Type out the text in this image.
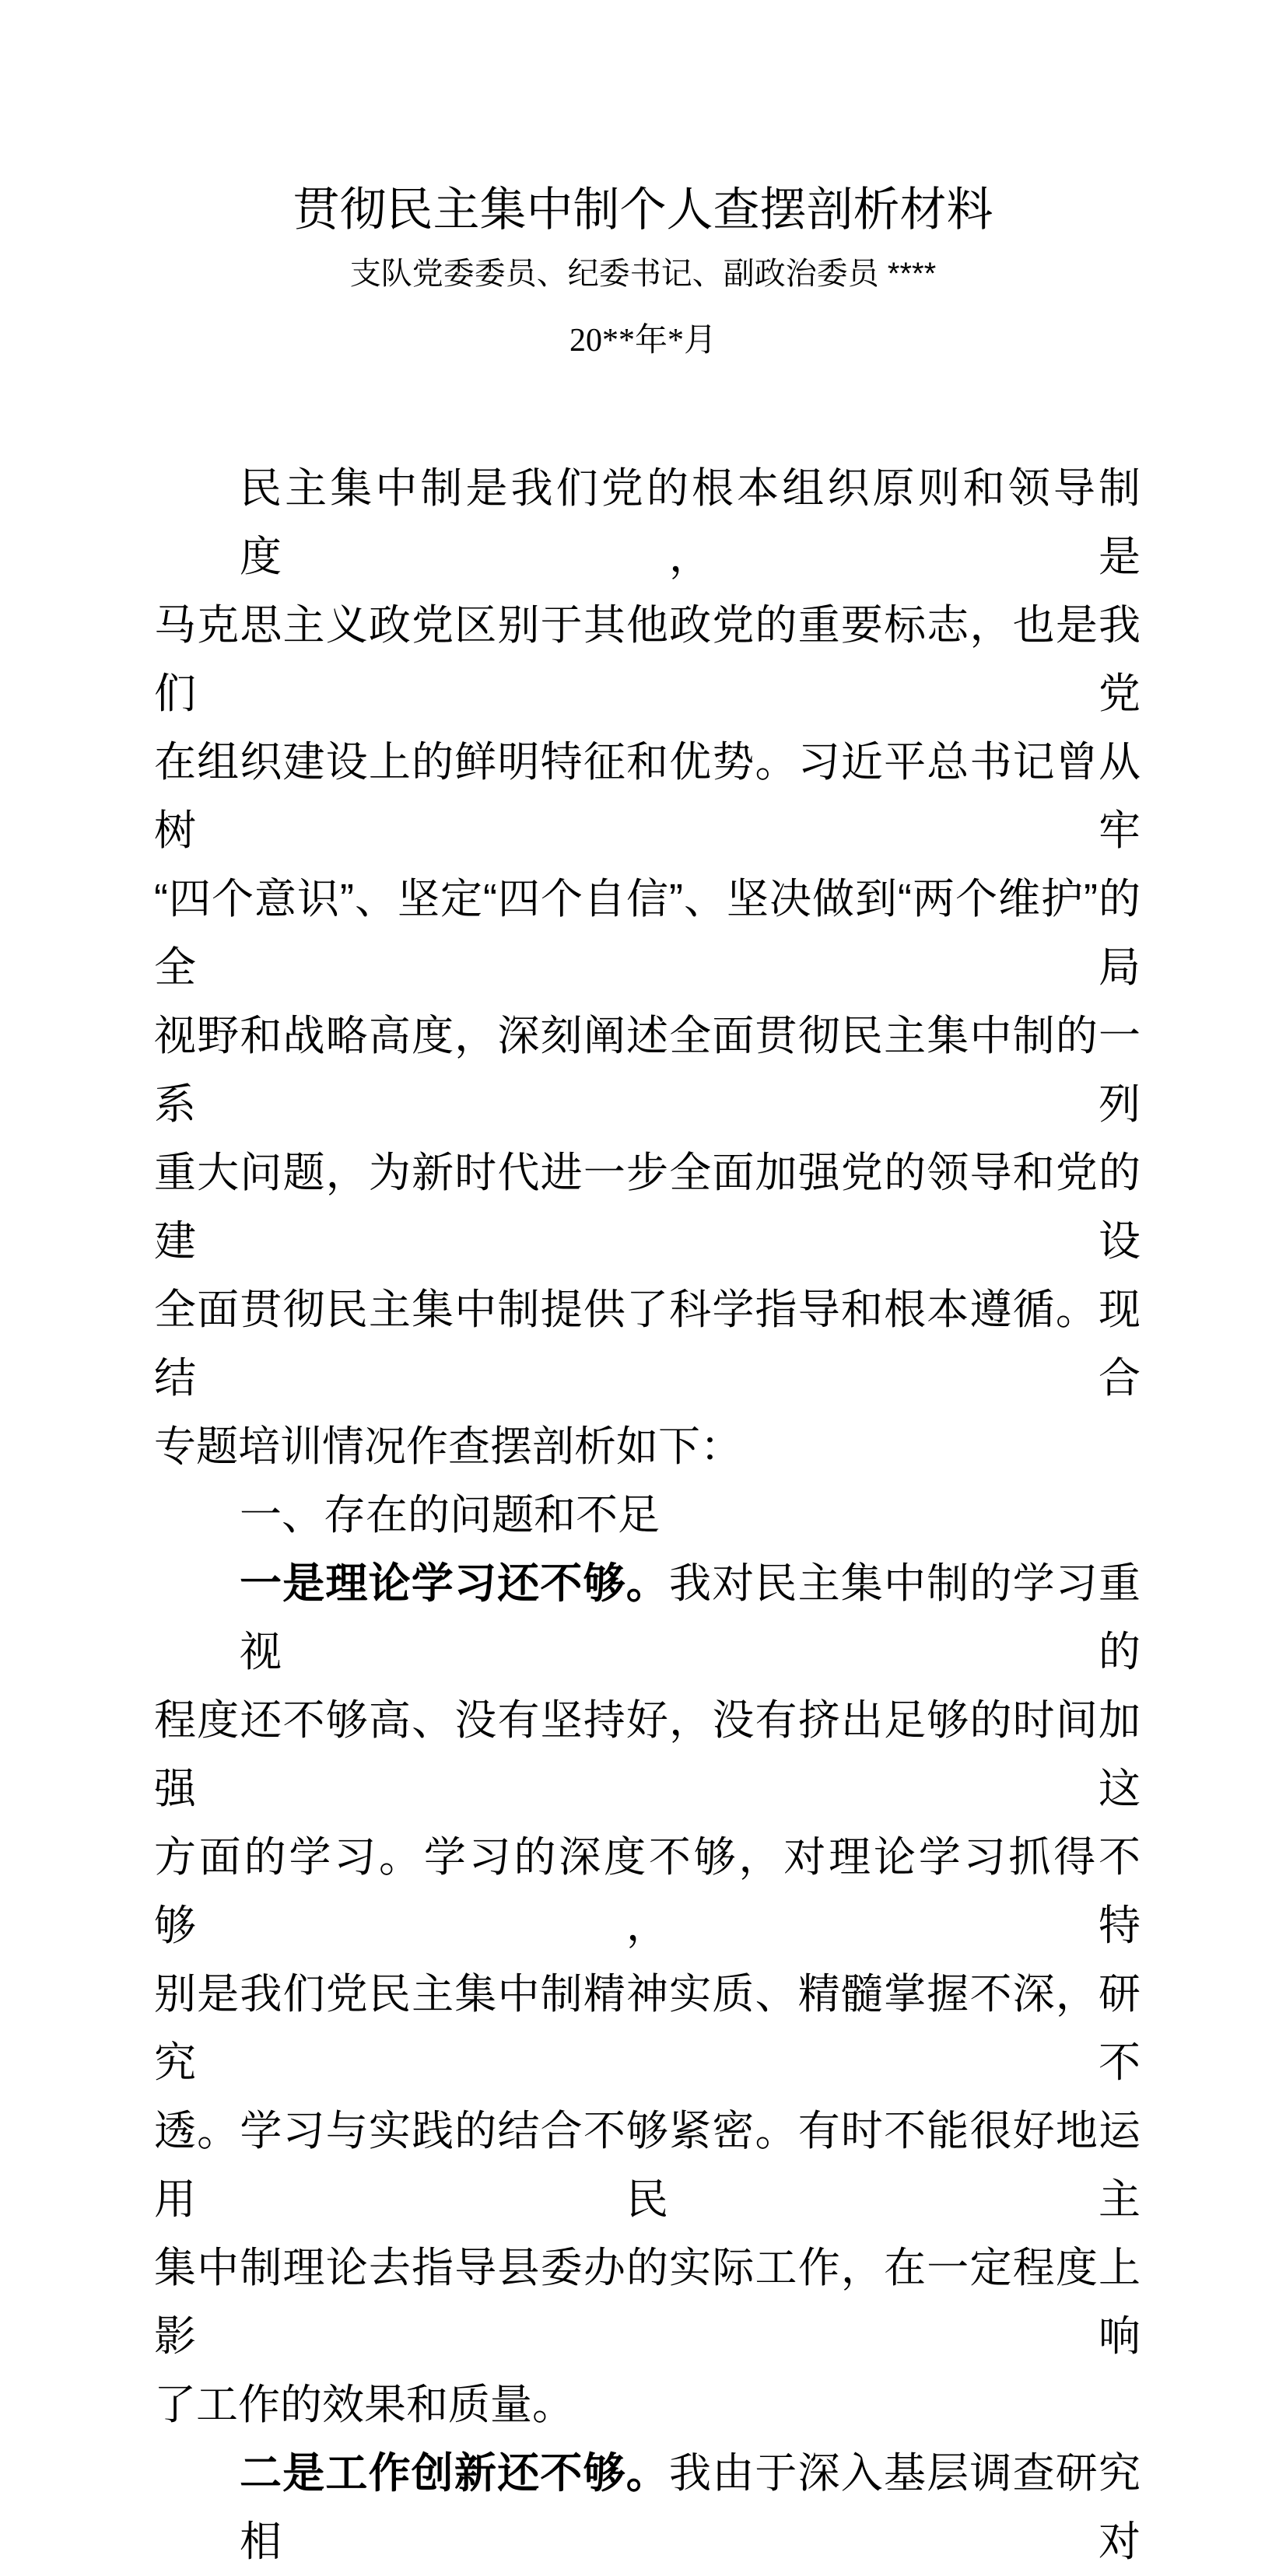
贯彻民主集中制个人查摆剖析材料
支队党委委员、纪委书记、副政治委员 ****
20**年*月
民主集中制是我们党的根本组织原则和领导制度，是
马克思主义政党区别于其他政党的重要标志，也是我们党
在组织建设上的鲜明特征和优势。习近平总书记曾从树牢
“四个意识”、坚定“四个自信”、坚决做到“两个维护”的全局
视野和战略高度，深刻阐述全面贯彻民主集中制的一系列
重大问题，为新时代进一步全面加强党的领导和党的建设
全面贯彻民主集中制提供了科学指导和根本遵循。现结合
专题培训情况作查摆剖析如下：
一、存在的问题和不足
一是理论学习还不够。我对民主集中制的学习重视的
程度还不够高、没有坚持好，没有挤出足够的时间加强这
方面的学习。学习的深度不够，对理论学习抓得不够，特
别是我们党民主集中制精神实质、精髓掌握不深，研究不
透。学习与实践的结合不够紧密。有时不能很好地运用民主
集中制理论去指导县委办的实际工作，在一定程度上影响
了工作的效果和质量。
二是工作创新还不够。我由于深入基层调查研究相对
